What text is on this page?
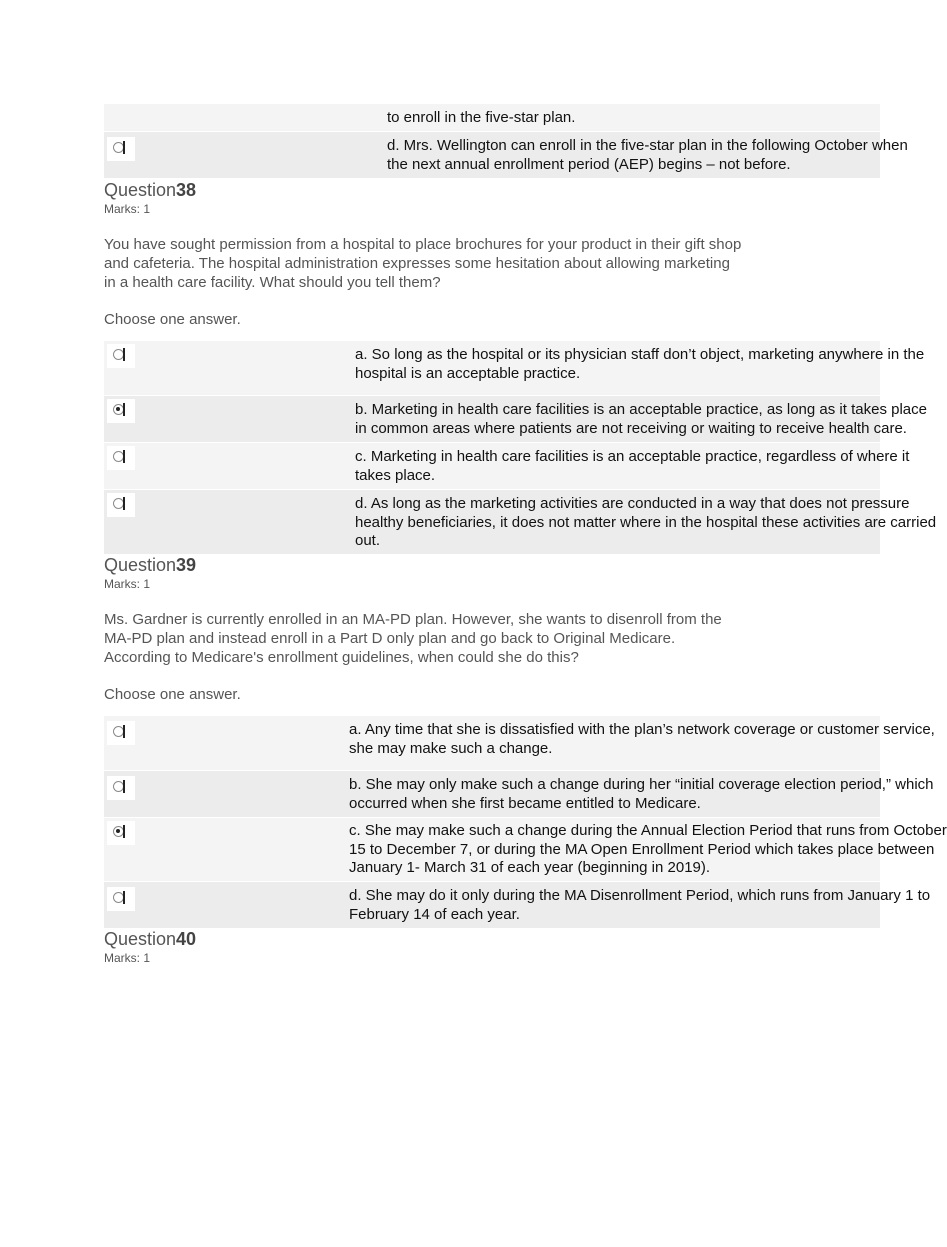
to enroll in the five-star plan.
d. Mrs. Wellington can enroll in the five-star plan in the following October when
the next annual enrollment period (AEP) begins – not before.
Question38
Marks: 1
You have sought permission from a hospital to place brochures for your product in their gift shop
and cafeteria. The hospital administration expresses some hesitation about allowing marketing
in a health care facility. What should you tell them?
Choose one answer.
a. So long as the hospital or its physician staff don’t object, marketing anywhere in the
hospital is an acceptable practice.
b. Marketing in health care facilities is an acceptable practice, as long as it takes place
in common areas where patients are not receiving or waiting to receive health care.
c. Marketing in health care facilities is an acceptable practice, regardless of where it
takes place.
d. As long as the marketing activities are conducted in a way that does not pressure
healthy beneficiaries, it does not matter where in the hospital these activities are carried
out.
Question39
Marks: 1
Ms. Gardner is currently enrolled in an MA-PD plan. However, she wants to disenroll from the
MA-PD plan and instead enroll in a Part D only plan and go back to Original Medicare.
According to Medicare's enrollment guidelines, when could she do this?
Choose one answer.
a. Any time that she is dissatisfied with the plan’s network coverage or customer service,
she may make such a change.
b. She may only make such a change during her “initial coverage election period,” which
occurred when she first became entitled to Medicare.
c. She may make such a change during the Annual Election Period that runs from October
15 to December 7, or during the MA Open Enrollment Period which takes place between
January 1- March 31 of each year (beginning in 2019).
d. She may do it only during the MA Disenrollment Period, which runs from January 1 to
February 14 of each year.
Question40
Marks: 1
